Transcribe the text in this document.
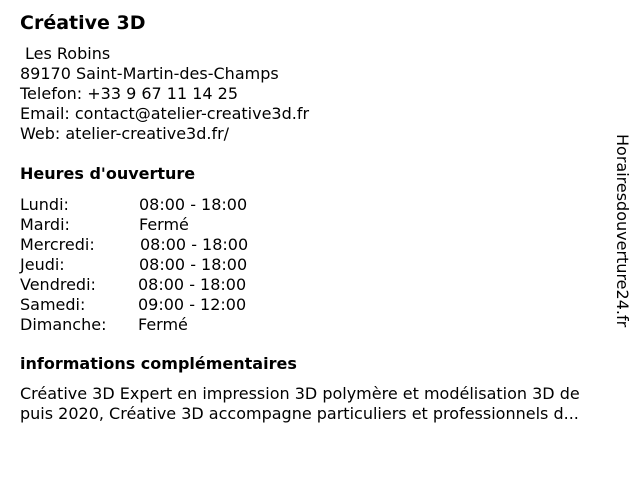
Créative 3D
Les Robins
89170 Saint-Martin-des-Champs
Telefon: +33 9 67 11 14 25
Email: contact@atelier-creative3d.fr
Web: atelier-creative3d.fr/
Heures d'ouverture
Lundi:	08:00 - 18:00
Mardi:	Fermé
Mercredi:	08:00 - 18:00
Jeudi:	08:00 - 18:00
Vendredi:	08:00 - 18:00
Samedi:	09:00 - 12:00
Dimanche: Fermé
informations complémentaires
Créative 3D Expert en impression 3D polymère et modélisation 3D de
puis 2020, Créative 3D accompagne particuliers et professionnels d...
Horairesdouverture24.fr
